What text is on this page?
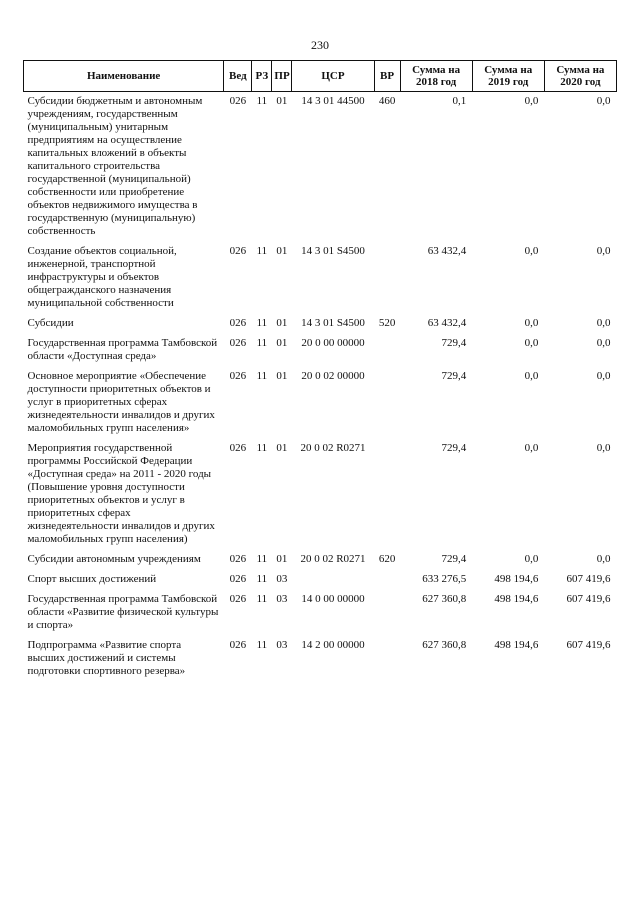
230
Наименование	Вед	РЗ	ПР	ЦСР	ВР	Сумма на 2018 год	Сумма на 2019 год	Сумма на 2020 год
Субсидии бюджетным и автономным учреждениям, государственным (муниципальным) унитарным предприятиям на осуществление капитальных вложений в объекты капитального строительства государственной (муниципальной) собственности или приобретение объектов недвижимого имущества в государственную (муниципальную) собственность	026	11	01	14 3 01 44500	460	0,1	0,0	0,0
Создание объектов социальной, инженерной, транспортной инфраструктуры и объектов общегражданского назначения муниципальной собственности	026	11	01	14 3 01 S4500		63 432,4	0,0	0,0
Субсидии	026	11	01	14 3 01 S4500	520	63 432,4	0,0	0,0
Государственная программа Тамбовской области «Доступная среда»	026	11	01	20 0 00 00000		729,4	0,0	0,0
Основное мероприятие «Обеспечение доступности приоритетных объектов и услуг в приоритетных сферах жизнедеятельности инвалидов и других маломобильных групп населения»	026	11	01	20 0 02 00000		729,4	0,0	0,0
Мероприятия государственной программы Российской Федерации «Доступная среда» на 2011 - 2020 годы (Повышение уровня доступности приоритетных объектов и услуг в приоритетных сферах жизнедеятельности инвалидов и других маломобильных групп населения)	026	11	01	20 0 02 R0271		729,4	0,0	0,0
Субсидии автономным учреждениям	026	11	01	20 0 02 R0271	620	729,4	0,0	0,0
Спорт высших достижений	026	11	03			633 276,5	498 194,6	607 419,6
Государственная программа Тамбовской области «Развитие физической культуры и спорта»	026	11	03	14 0 00 00000		627 360,8	498 194,6	607 419,6
Подпрограмма «Развитие спорта высших достижений и системы подготовки спортивного резерва»	026	11	03	14 2 00 00000		627 360,8	498 194,6	607 419,6
